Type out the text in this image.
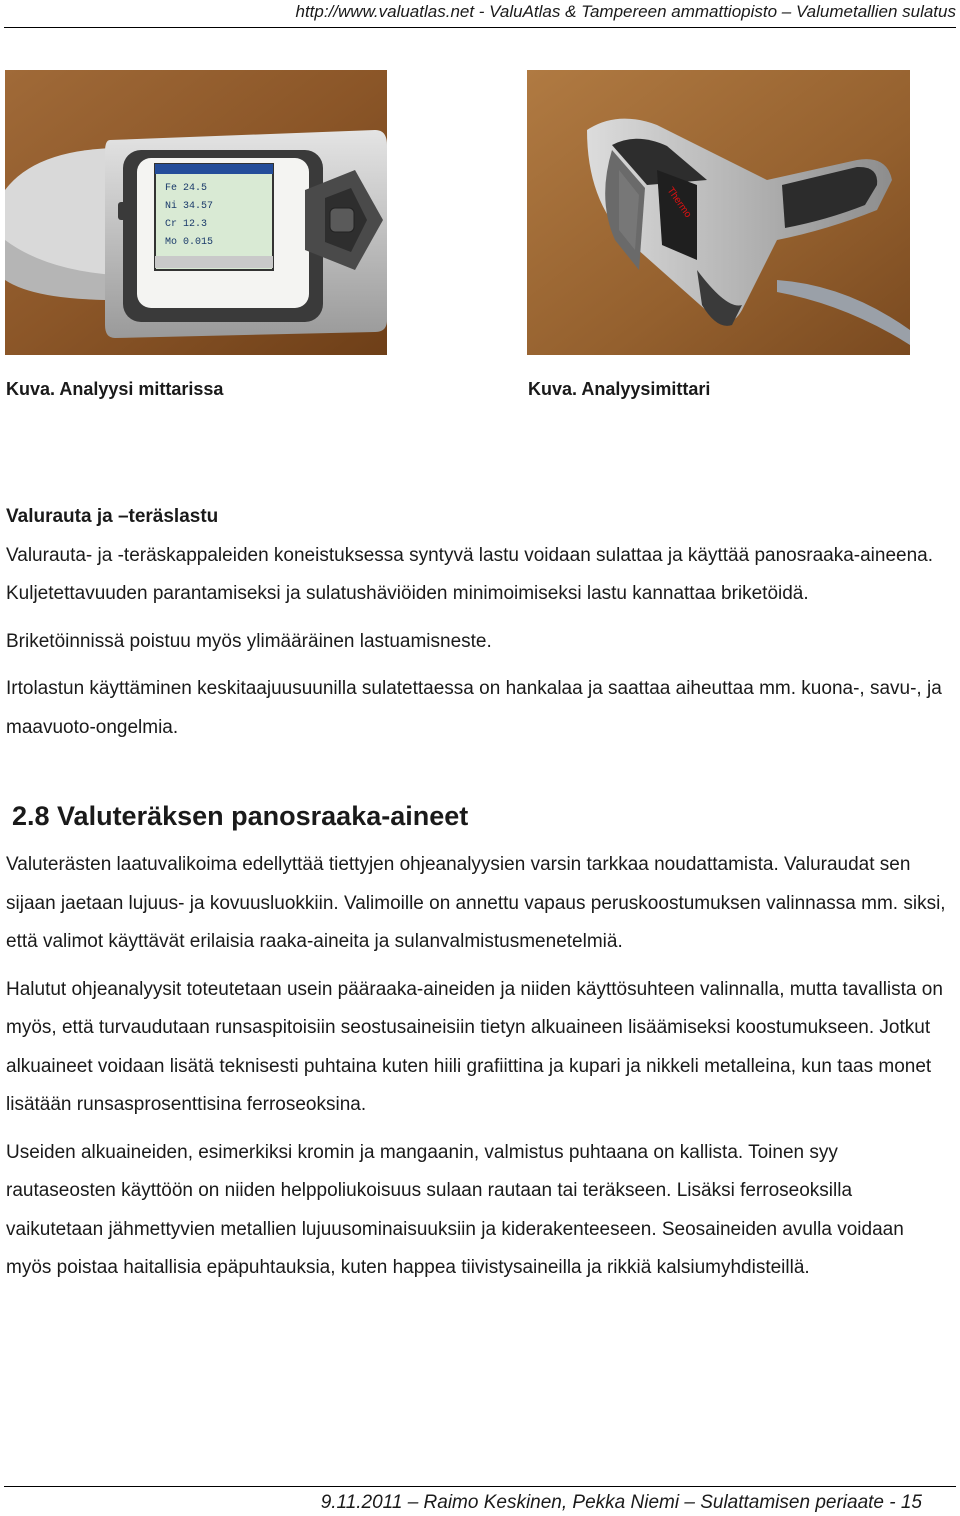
http://www.valuatlas.net - ValuAtlas & Tampereen ammattiopisto – Valumetallien sulatus
Fe 24.5
Ni 34.57
Cr 12.3
Mo 0.015
Thermo
Kuva. Analyysi mittarissa	Kuva. Analyysimittari

Valurauta ja –teräslastu

Valurauta- ja -teräskappaleiden koneistuksessa syntyvä lastu voidaan sulattaa ja käyttää panosraaka-aineena. Kuljetettavuuden parantamiseksi ja sulatushäviöiden minimoimiseksi lastu kannattaa briketöidä.

Briketöinnissä poistuu myös ylimääräinen lastuamisneste.

Irtolastun käyttäminen keskitaajuusuunilla sulatettaessa on hankalaa ja saattaa aiheuttaa mm. kuona-, savu-, ja maavuoto-ongelmia.

2.8 Valuteräksen panosraaka-aineet

Valuterästen laatuvalikoima edellyttää tiettyjen ohjeanalyysien varsin tarkkaa noudattamista. Valuraudat sen sijaan jaetaan lujuus- ja kovuusluokkiin. Valimoille on annettu vapaus peruskoostumuksen valinnassa mm. siksi, että valimot käyttävät erilaisia raaka-aineita ja sulanvalmistusmenetelmiä.

Halutut ohjeanalyysit toteutetaan usein pääraaka-aineiden ja niiden käyttösuhteen valinnalla, mutta tavallista on myös, että turvaudutaan runsaspitoisiin seostusaineisiin tietyn alkuaineen lisäämiseksi koostumukseen. Jotkut alkuaineet voidaan lisätä teknisesti puhtaina kuten hiili grafiittina ja kupari ja nikkeli metalleina, kun taas monet lisätään runsasprosenttisina ferroseoksina.

Useiden alkuaineiden, esimerkiksi kromin ja mangaanin, valmistus puhtaana on kallista. Toinen syy rautaseosten käyttöön on niiden helppoliukoisuus sulaan rautaan tai teräkseen. Lisäksi ferroseoksilla vaikutetaan jähmettyvien metallien lujuusominaisuuksiin ja kiderakenteeseen. Seosaineiden avulla voidaan myös poistaa haitallisia epäpuhtauksia, kuten happea tiivistysaineilla ja rikkiä kalsiumyhdisteillä.

9.11.2011 – Raimo Keskinen, Pekka Niemi – Sulattamisen periaate - 15
